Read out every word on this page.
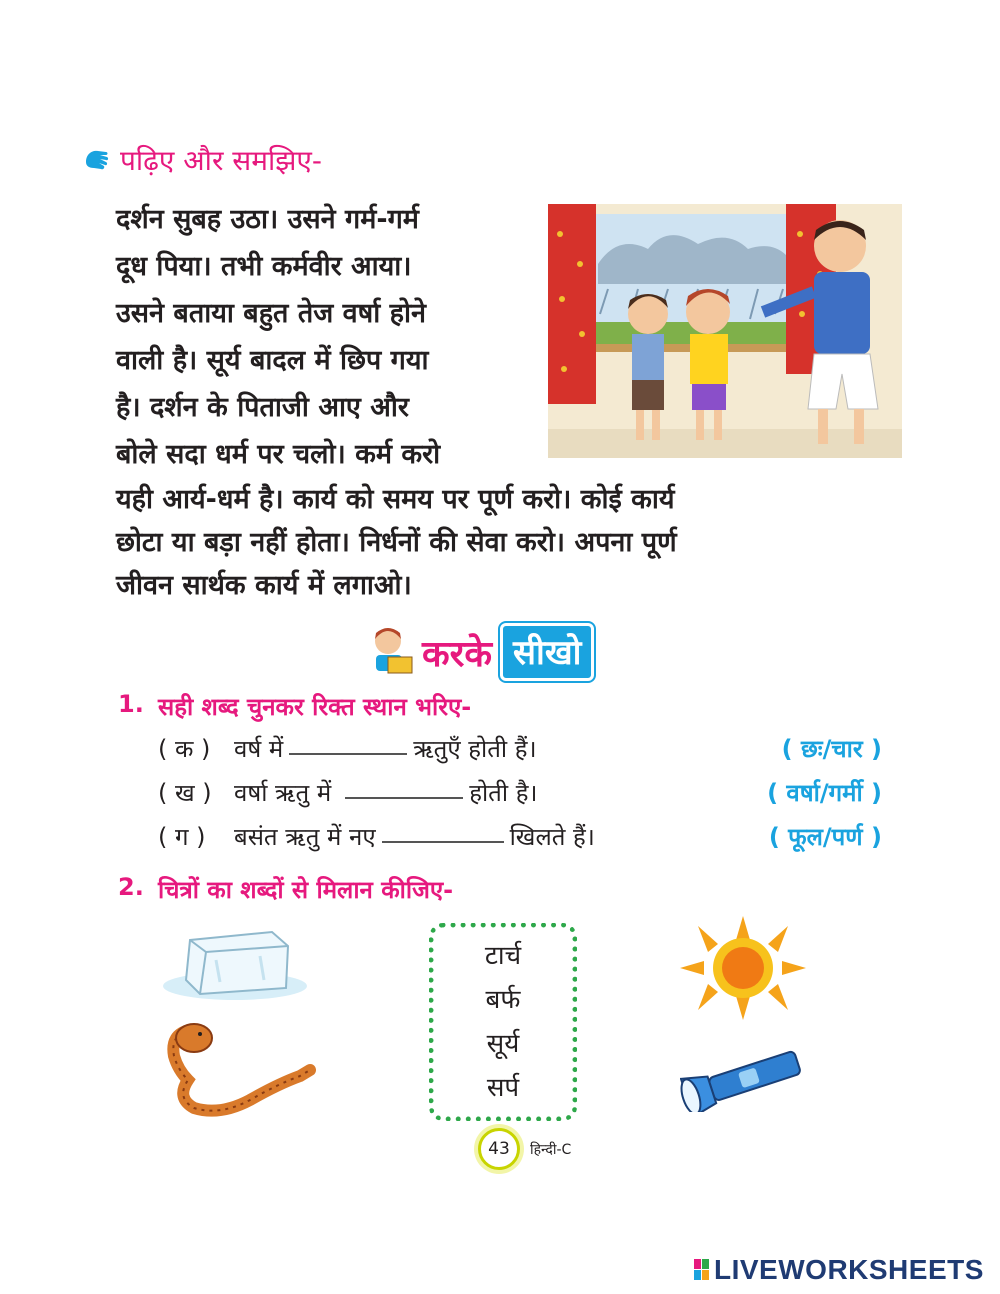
पढ़िए और समझिए-
दर्शन सुबह उठा। उसने गर्म-गर्म
दूध पिया। तभी कर्मवीर आया।
उसने बताया बहुत तेज वर्षा होने
वाली है। सूर्य बादल में छिप गया
है। दर्शन के पिताजी आए और
बोले सदा धर्म पर चलो। कर्म करो
यही आर्य-धर्म है। कार्य को समय पर पूर्ण करो। कोई कार्य
छोटा या बड़ा नहीं होता। निर्धनों की सेवा करो। अपना पूर्ण
जीवन सार्थक कार्य में लगाओ।
करके सीखो
1. सही शब्द चुनकर रिक्त स्थान भरिए-
( क ) वर्ष में	ऋतुएँ होती हैं।	( छः/चार )
( ख ) वर्षा ऋतु में	होती है।	( वर्षा/गर्मी )
( ग )	बसंत ऋतु में नए	खिलते हैं।	( फूल/पर्ण )
2. चित्रों का शब्दों से मिलान कीजिए-
टार्च
बर्फ
सूर्य
सर्प
43	हिन्दी-C
LIVEWORKSHEETS
